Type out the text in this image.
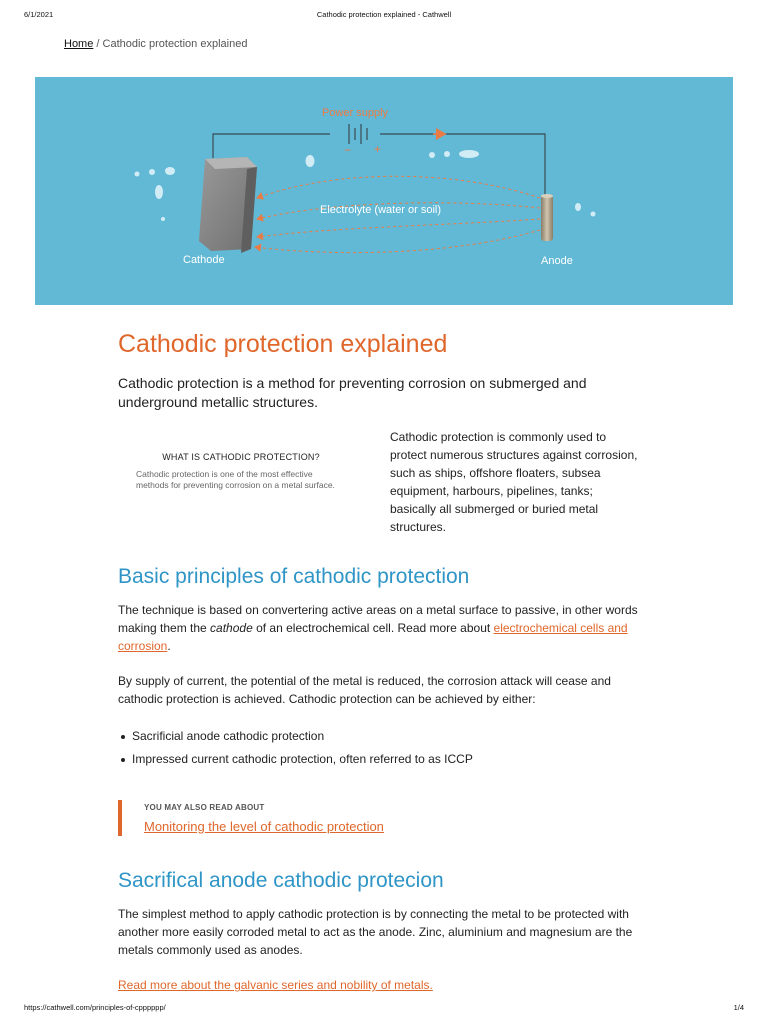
6/1/2021	Cathodic protection explained - Cathwell
Home / Cathodic protection explained
Power supply
− +
Electrolyte (water or soil)
Cathode	Anode
Cathodic protection explained

Cathodic protection is a method for preventing corrosion on submerged and underground metallic structures.

WHAT IS CATHODIC PROTECTION?
Cathodic protection is one of the most effective methods for preventing corrosion on a metal surface.

Cathodic protection is commonly used to protect numerous structures against corrosion, such as ships, offshore floaters, subsea equipment, harbours, pipelines, tanks; basically all submerged or buried metal structures.

Basic principles of cathodic protection

The technique is based on convertering active areas on a metal surface to passive, in other words making them the cathode of an electrochemical cell. Read more about electrochemical cells and corrosion.

By supply of current, the potential of the metal is reduced, the corrosion attack will cease and cathodic protection is achieved. Cathodic protection can be achieved by either:

Sacrificial anode cathodic protection
Impressed current cathodic protection, often referred to as ICCP
YOU MAY ALSO READ ABOUT
Monitoring the level of cathodic protection
Sacrifical anode cathodic protecion

The simplest method to apply cathodic protection is by connecting the metal to be protected with another more easily corroded metal to act as the anode. Zinc, aluminium and magnesium are the metals commonly used as anodes.

Read more about the galvanic series and nobility of metals.
https://cathwell.com/principles-of-cpppppp/	1/4
